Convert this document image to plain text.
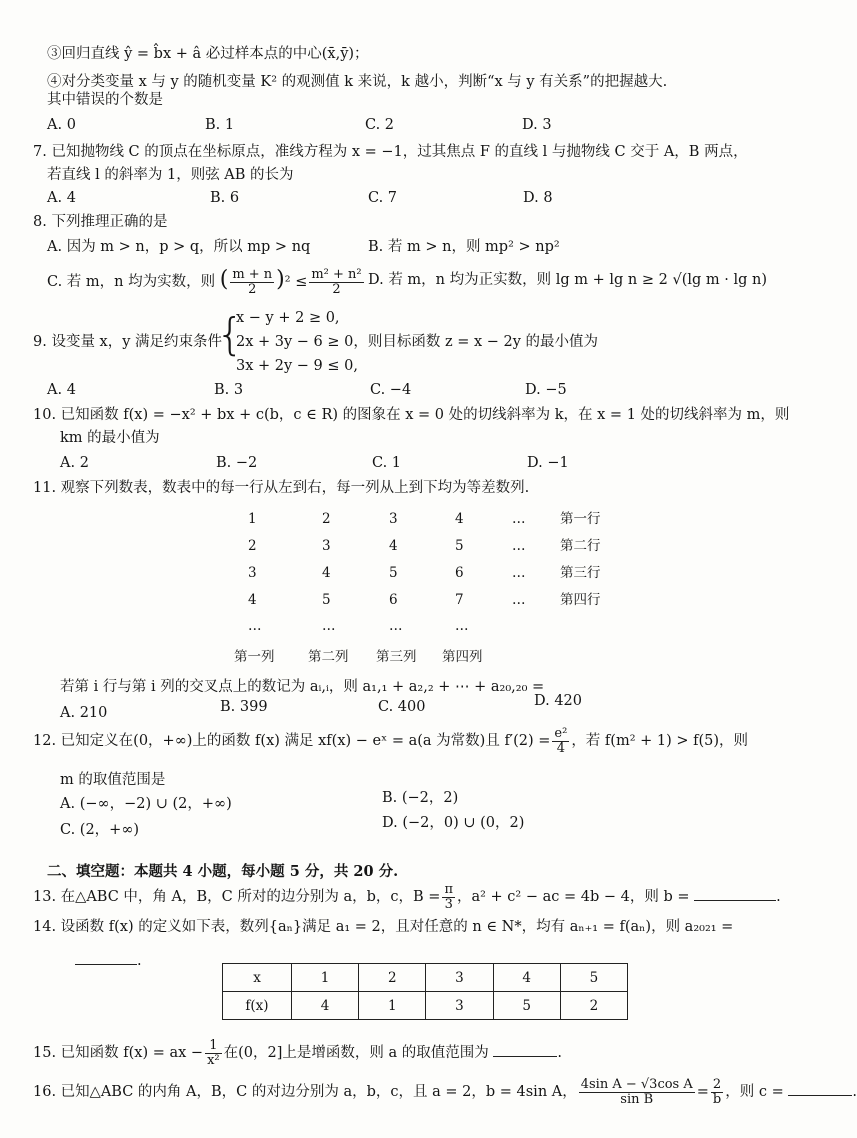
③回归直线 ŷ = b̂x + â 必过样本点的中心(x̄,ȳ)；
④对分类变量 x 与 y 的随机变量 K² 的观测值 k 来说，k 越小，判断“x 与 y 有关系”的把握越大.
其中错误的个数是
A. 0	B. 1	C. 2	D. 3
7. 已知抛物线 C 的顶点在坐标原点，准线方程为 x = −1，过其焦点 F 的直线 l 与抛物线 C 交于 A，B 两点，
若直线 l 的斜率为 1，则弦 AB 的长为
A. 4	B. 6	C. 7	D. 8
8. 下列推理正确的是
A. 因为 m > n，p > q，所以 mp > nq	B. 若 m > n，则 mp² > np²
C. 若 m，n 均为实数，则 ( $\frac{m + n}{2} )^2 \le \frac{\text{m² + n²}}{2} D$. 若 m，n 均为正实数，则 lg m + lg n ≥ 2 √(lg m · lg n)
9. 设变量 x，y 满足约束条件
{
x − y + 2 ≥ 0,
2x + 3y − 6 ≥ 0，则目标函数 z = x − 2y 的最小值为
3x + 2y − 9 ≤ 0,
A. 4	B. 3	C. −4	D. −5
10. 已知函数 f(x) = −x² + bx + c(b，c ∈ R) 的图象在 x = 0 处的切线斜率为 k，在 x = 1 处的切线斜率为 m，则
km 的最小值为
A. 2	B. −2	C. 1	D. −1
11. 观察下列数表，数表中的每一行从左到右，每一列从上到下均为等差数列.
1	2	3	4	…	第一行
2	3	4	5	…	第二行
3	4	5	6	…	第三行
4	5	6	7	…	第四行
…	…	…	…
第一列 第二列 第三列 第四列
若第 i 行与第 i 列的交叉点上的数记为 aᵢ,ᵢ，则 a₁,₁ + a₂,₂ + ⋯ + a₂₀,₂₀ =
A. 210	B. 399	C. 400	D. 420
12. 已知定义在(0，+∞)上的函数 f(x) 满足 xf(x) − eˣ = a(a 为常数)且 $f'(2) = \frac{\text{e²}}{4}$ ，若 f(m² + 1) > f(5)，则
m 的取值范围是
A. (−∞，−2) ∪ (2，+∞)	B. (−2，2)
C. (2，+∞)	D. (−2，0) ∪ (0，2)
二、填空题：本题共 4 小题，每小题 5 分，共 20 分.
13. 在△ABC 中，角 A，B，C 所对的边分别为 a，b，c，$B = \frac{\pi}{3}$ ，a² + c² − ac = 4b − 4，则 b =	.
14. 设函数 f(x) 的定义如下表，数列{aₙ}满足 a₁ = 2，且对任意的 n ∈ N*，均有 aₙ₊₁ = f(aₙ)，则 a₂₀₂₁ =
.
x	1	2	3	4	5
f(x)	4	1	3	5	2
15. 已知函数 f(x) = ax − $\frac{1}{\text{x²}}$ 在(0，2]上是增函数，则 a 的取值范围为	.
16. 已知△ABC 的内角 A，B，C 的对边分别为 a，b，c，且 a = 2，b = 4sin A， $\frac{\text{4sin A − √3cos A}}{\text{sin B}} = \frac{2}{b}$ ，则 c =	.
